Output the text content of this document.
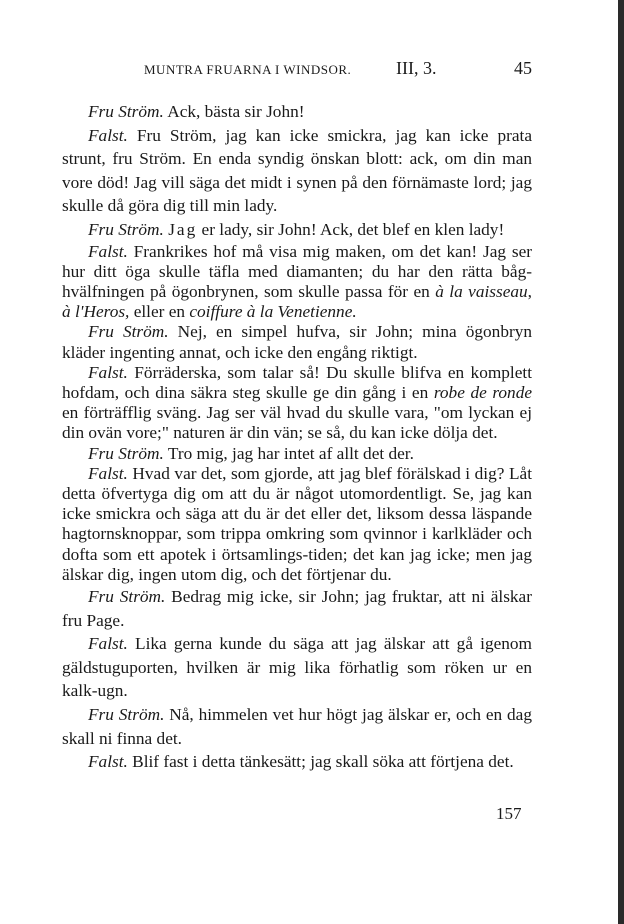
MUNTRA FRUARNA I WINDSOR. III, 3.	45

Fru Ström. Ack, bästa sir John!

Falst. Fru Ström, jag kan icke smickra, jag kan icke prata strunt, fru Ström. En enda syndig önskan blott: ack, om din man vore död! Jag vill säga det midt i synen på den förnämaste lord; jag skulle då göra dig till min lady.

Fru Ström. Jag er lady, sir John! Ack, det blef en klen lady!

Falst. Frankrikes hof må visa mig maken, om det kan! Jag ser hur ditt öga skulle täfla med diamanten; du har den rätta båg-hvälfningen på ögonbrynen, som skulle passa för en à la vaisseau, à l'Heros, eller en coiffure à la Venetienne.

Fru Ström. Nej, en simpel hufva, sir John; mina ögonbryn kläder ingenting annat, och icke den engång riktigt.

Falst. Förräderska, som talar så! Du skulle blifva en komplett hofdam, och dina säkra steg skulle ge din gång i en robe de ronde en förträfflig sväng. Jag ser väl hvad du skulle vara, "om lyckan ej din ovän vore;" naturen är din vän; se så, du kan icke dölja det.

Fru Ström. Tro mig, jag har intet af allt det der.

Falst. Hvad var det, som gjorde, att jag blef förälskad i dig? Låt detta öfvertyga dig om att du är något utomordentligt. Se, jag kan icke smickra och säga att du är det eller det, liksom dessa läspande hagtornsknoppar, som trippa omkring som qvinnor i karlkläder och dofta som ett apotek i örtsamlings-tiden; det kan jag icke; men jag älskar dig, ingen utom dig, och det förtjenar du.

Fru Ström. Bedrag mig icke, sir John; jag fruktar, att ni älskar fru Page.

Falst. Lika gerna kunde du säga att jag älskar att gå igenom gäldstuguporten, hvilken är mig lika förhatlig som röken ur en kalk-ugn.

Fru Ström. Nå, himmelen vet hur högt jag älskar er, och en dag skall ni finna det.

Falst. Blif fast i detta tänkesätt; jag skall söka att förtjena det.

157
